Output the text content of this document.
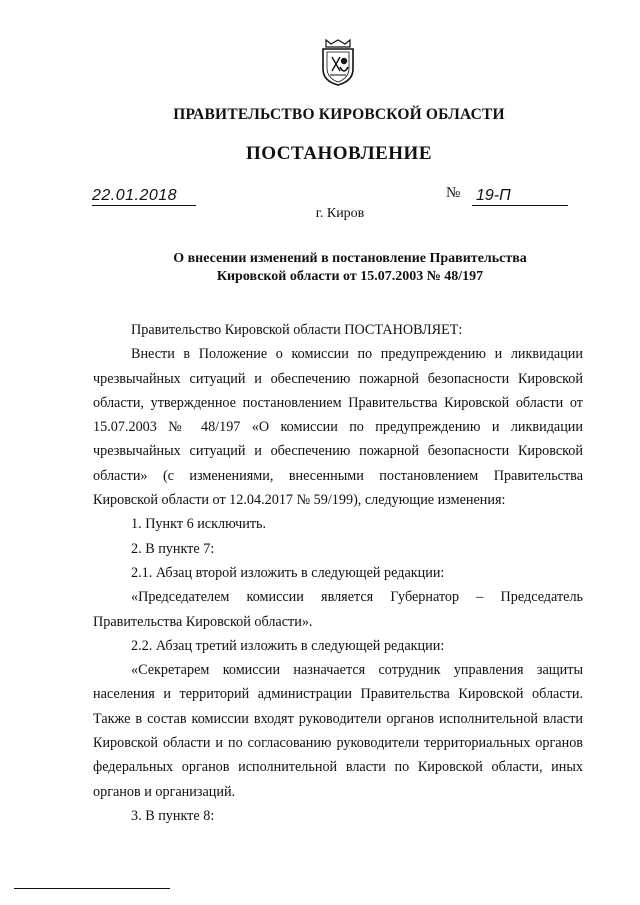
ПРАВИТЕЛЬСТВО КИРОВСКОЙ ОБЛАСТИ
ПОСТАНОВЛЕНИЕ
22.01.2018	№ 19-П
г. Киров
О внесении изменений в постановление Правительства
Кировской области от 15.07.2003 № 48/197

Правительство Кировской области ПОСТАНОВЛЯЕТ:

Внести в Положение о комиссии по предупреждению и ликвидации чрезвычайных ситуаций и обеспечению пожарной безопасности Кировской области, утвержденное постановлением Правительства Кировской области от 15.07.2003 № 48/197 «О комиссии по предупреждению и ликвидации чрезвычайных ситуаций и обеспечению пожарной безопасности Кировской области» (с изменениями, внесенными постановлением Правительства Кировской области от 12.04.2017 № 59/199), следующие изменения:

1. Пункт 6 исключить.

2. В пункте 7:

2.1. Абзац второй изложить в следующей редакции:

«Председателем комиссии является Губернатор – Председатель Правительства Кировской области».

2.2. Абзац третий изложить в следующей редакции:

«Секретарем комиссии назначается сотрудник управления защиты населения и территорий администрации Правительства Кировской области. Также в состав комиссии входят руководители органов исполнительной власти Кировской области и по согласованию руководители территориальных органов федеральных органов исполнительной власти по Кировской области, иных органов и организаций.

3. В пункте 8:
